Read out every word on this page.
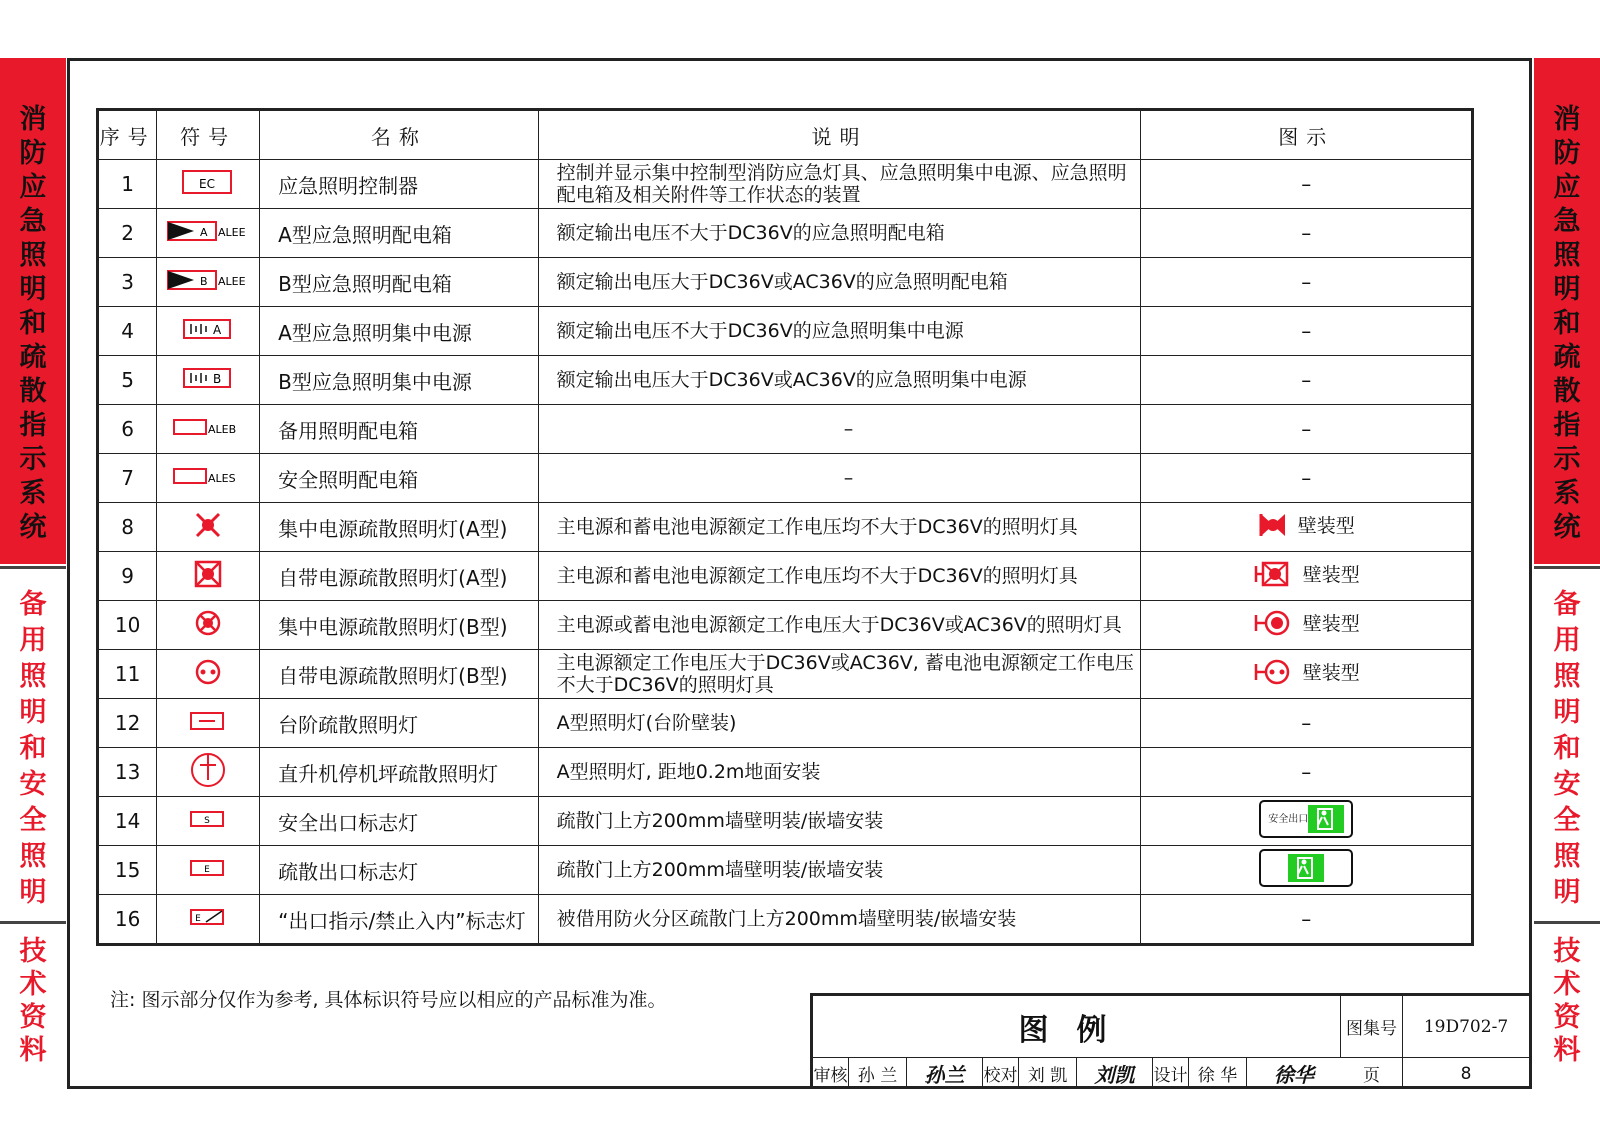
消
防
应
急
照
明
和
疏
散
指
示
系
统
备
用
照
明
和
安
全
照
明
技
术
资
料
消
防
应
急
照
明
和
疏
散
指
示
系
统
备
用
照
明
和
安
全
照
明
技
术
资
料
序号	符号	名称	说明	图示
1	EC	应急照明控制器	控制并显示集中控制型消防应急灯具、应急照明集中电源、应急照明配电箱及相关附件等工作状态的装置	–
2	A ALEE	A型应急照明配电箱	额定输出电压不大于DC36V的应急照明配电箱	–
3	B ALEE	B型应急照明配电箱	额定输出电压大于DC36V或AC36V的应急照明配电箱	–
4	A	A型应急照明集中电源	额定输出电压不大于DC36V的应急照明集中电源	–
5	B	B型应急照明集中电源	额定输出电压大于DC36V或AC36V的应急照明集中电源	–
6	ALEB	备用照明配电箱	–	–
7	ALES	安全照明配电箱	–	–
8		集中电源疏散照明灯(A型)	主电源和蓄电池电源额定工作电压均不大于DC36V的照明灯具	壁装型

9		自带电源疏散照明灯(A型)	主电源和蓄电池电源额定工作电压均不大于DC36V的照明灯具	壁装型

10		集中电源疏散照明灯(B型)	主电源或蓄电池电源额定工作电压大于DC36V或AC36V的照明灯具	壁装型

11		自带电源疏散照明灯(B型)	主电源额定工作电压大于DC36V或AC36V, 蓄电池电源额定工作电压不大于DC36V的照明灯具	壁装型

12		台阶疏散照明灯	A型照明灯(台阶壁装)	–
13		直升机停机坪疏散照明灯	A型照明灯, 距地0.2m地面安装	–
14	S	安全出口标志灯	疏散门上方200mm墙壁明装/嵌墙安装	安全出口

15	E	疏散出口标志灯	疏散门上方200mm墙壁明装/嵌墙安装	

16	E	“出口指示/禁止入内”标志灯	被借用防火分区疏散门上方200mm墙壁明装/嵌墙安装	–
注: 图示部分仅作为参考, 具体标识符号应以相应的产品标准为准。
图例	图集号	19D702-7
审核 孙 兰	孙兰	校对 刘 凯	刘凯	设计 徐 华	徐华	页	8
